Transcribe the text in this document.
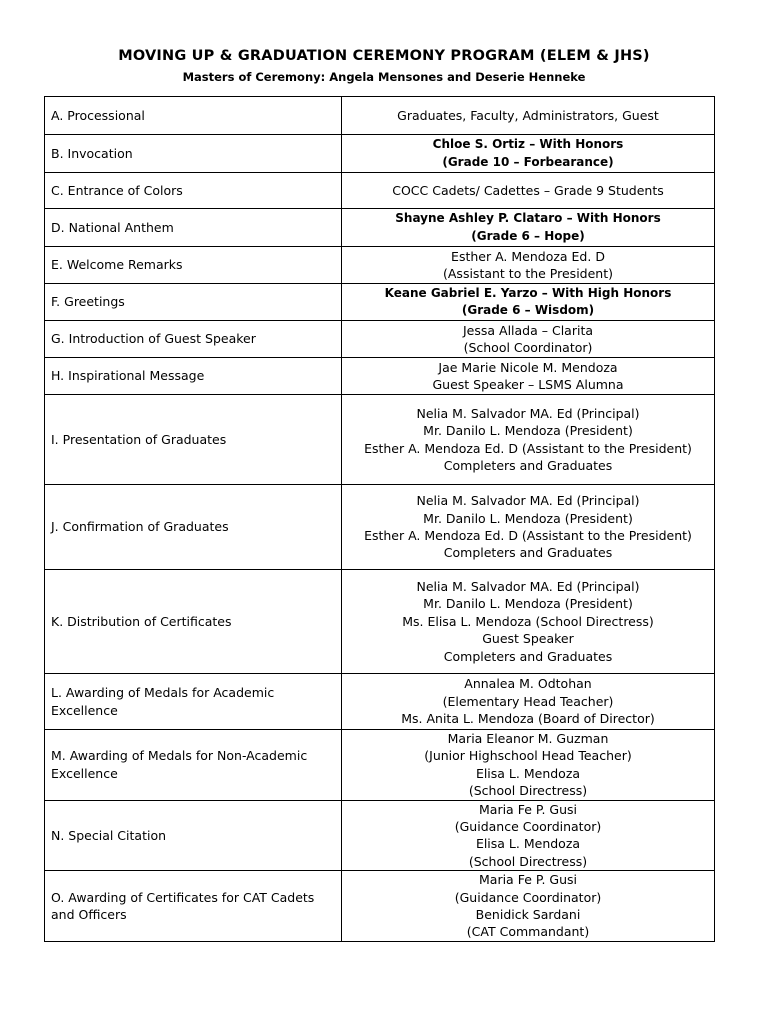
MOVING UP & GRADUATION CEREMONY PROGRAM (ELEM & JHS)
Masters of Ceremony: Angela Mensones and Deserie Henneke
A. Processional	Graduates, Faculty, Administrators, Guest

B. Invocation	Chloe S. Ortiz – With Honors
(Grade 10 – Forbearance)

C. Entrance of Colors	COCC Cadets/ Cadettes – Grade 9 Students

D. National Anthem	Shayne Ashley P. Clataro – With Honors
(Grade 6 – Hope)

E. Welcome Remarks	Esther A. Mendoza Ed. D
(Assistant to the President)

F. Greetings	Keane Gabriel E. Yarzo – With High Honors
(Grade 6 – Wisdom)

G. Introduction of Guest Speaker	Jessa Allada – Clarita
(School Coordinator)

H. Inspirational Message	Jae Marie Nicole M. Mendoza
Guest Speaker – LSMS Alumna

I. Presentation of Graduates	Nelia M. Salvador MA. Ed (Principal)
Mr. Danilo L. Mendoza (President)
Esther A. Mendoza Ed. D (Assistant to the President)
Completers and Graduates

J. Confirmation of Graduates	Nelia M. Salvador MA. Ed (Principal)
Mr. Danilo L. Mendoza (President)
Esther A. Mendoza Ed. D (Assistant to the President)
Completers and Graduates

K. Distribution of Certificates	Nelia M. Salvador MA. Ed (Principal)
Mr. Danilo L. Mendoza (President)
Ms. Elisa L. Mendoza (School Directress)
Guest Speaker
Completers and Graduates

L. Awarding of Medals for Academic Excellence	Annalea M. Odtohan
(Elementary Head Teacher)
Ms. Anita L. Mendoza (Board of Director)

M. Awarding of Medals for Non-Academic Excellence	Maria Eleanor M. Guzman
(Junior Highschool Head Teacher)
Elisa L. Mendoza
(School Directress)

N. Special Citation	Maria Fe P. Gusi
(Guidance Coordinator)
Elisa L. Mendoza
(School Directress)

O. Awarding of Certificates for CAT Cadets and Officers	Maria Fe P. Gusi
(Guidance Coordinator)
Benidick Sardani
(CAT Commandant)
